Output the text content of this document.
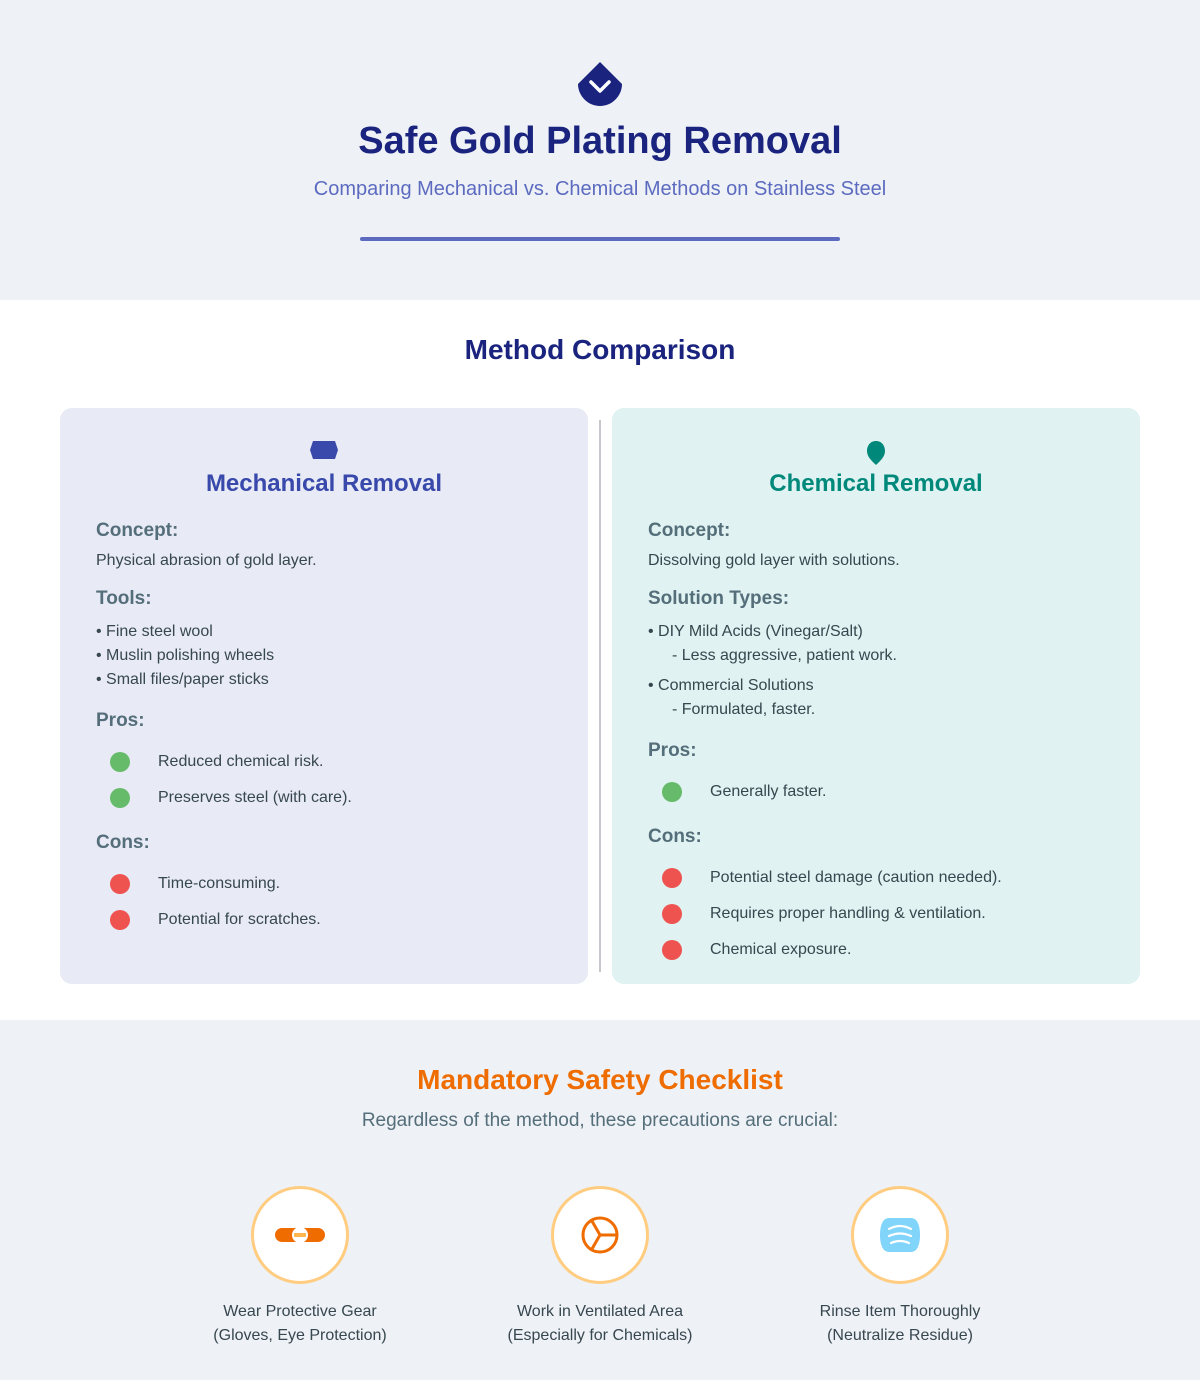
Safe Gold Plating Removal

Comparing Mechanical vs. Chemical Methods on Stainless Steel

Method Comparison
Mechanical Removal
Concept:
Physical abrasion of gold layer.
Tools:
• Fine steel wool
• Muslin polishing wheels
• Small files/paper sticks
Pros:
Reduced chemical risk.
Preserves steel (with care).
Cons:
Time-consuming.
Potential for scratches.
Chemical Removal
Concept:
Dissolving gold layer with solutions.
Solution Types:
• DIY Mild Acids (Vinegar/Salt)
- Less aggressive, patient work.
• Commercial Solutions
- Formulated, faster.
Pros:
Generally faster.
Cons:
Potential steel damage (caution needed).
Requires proper handling & ventilation.
Chemical exposure.
Mandatory Safety Checklist

Regardless of the method, these precautions are crucial:

Wear Protective Gear
(Gloves, Eye Protection)
Work in Ventilated Area
(Especially for Chemicals)
Rinse Item Thoroughly
(Neutralize Residue)
